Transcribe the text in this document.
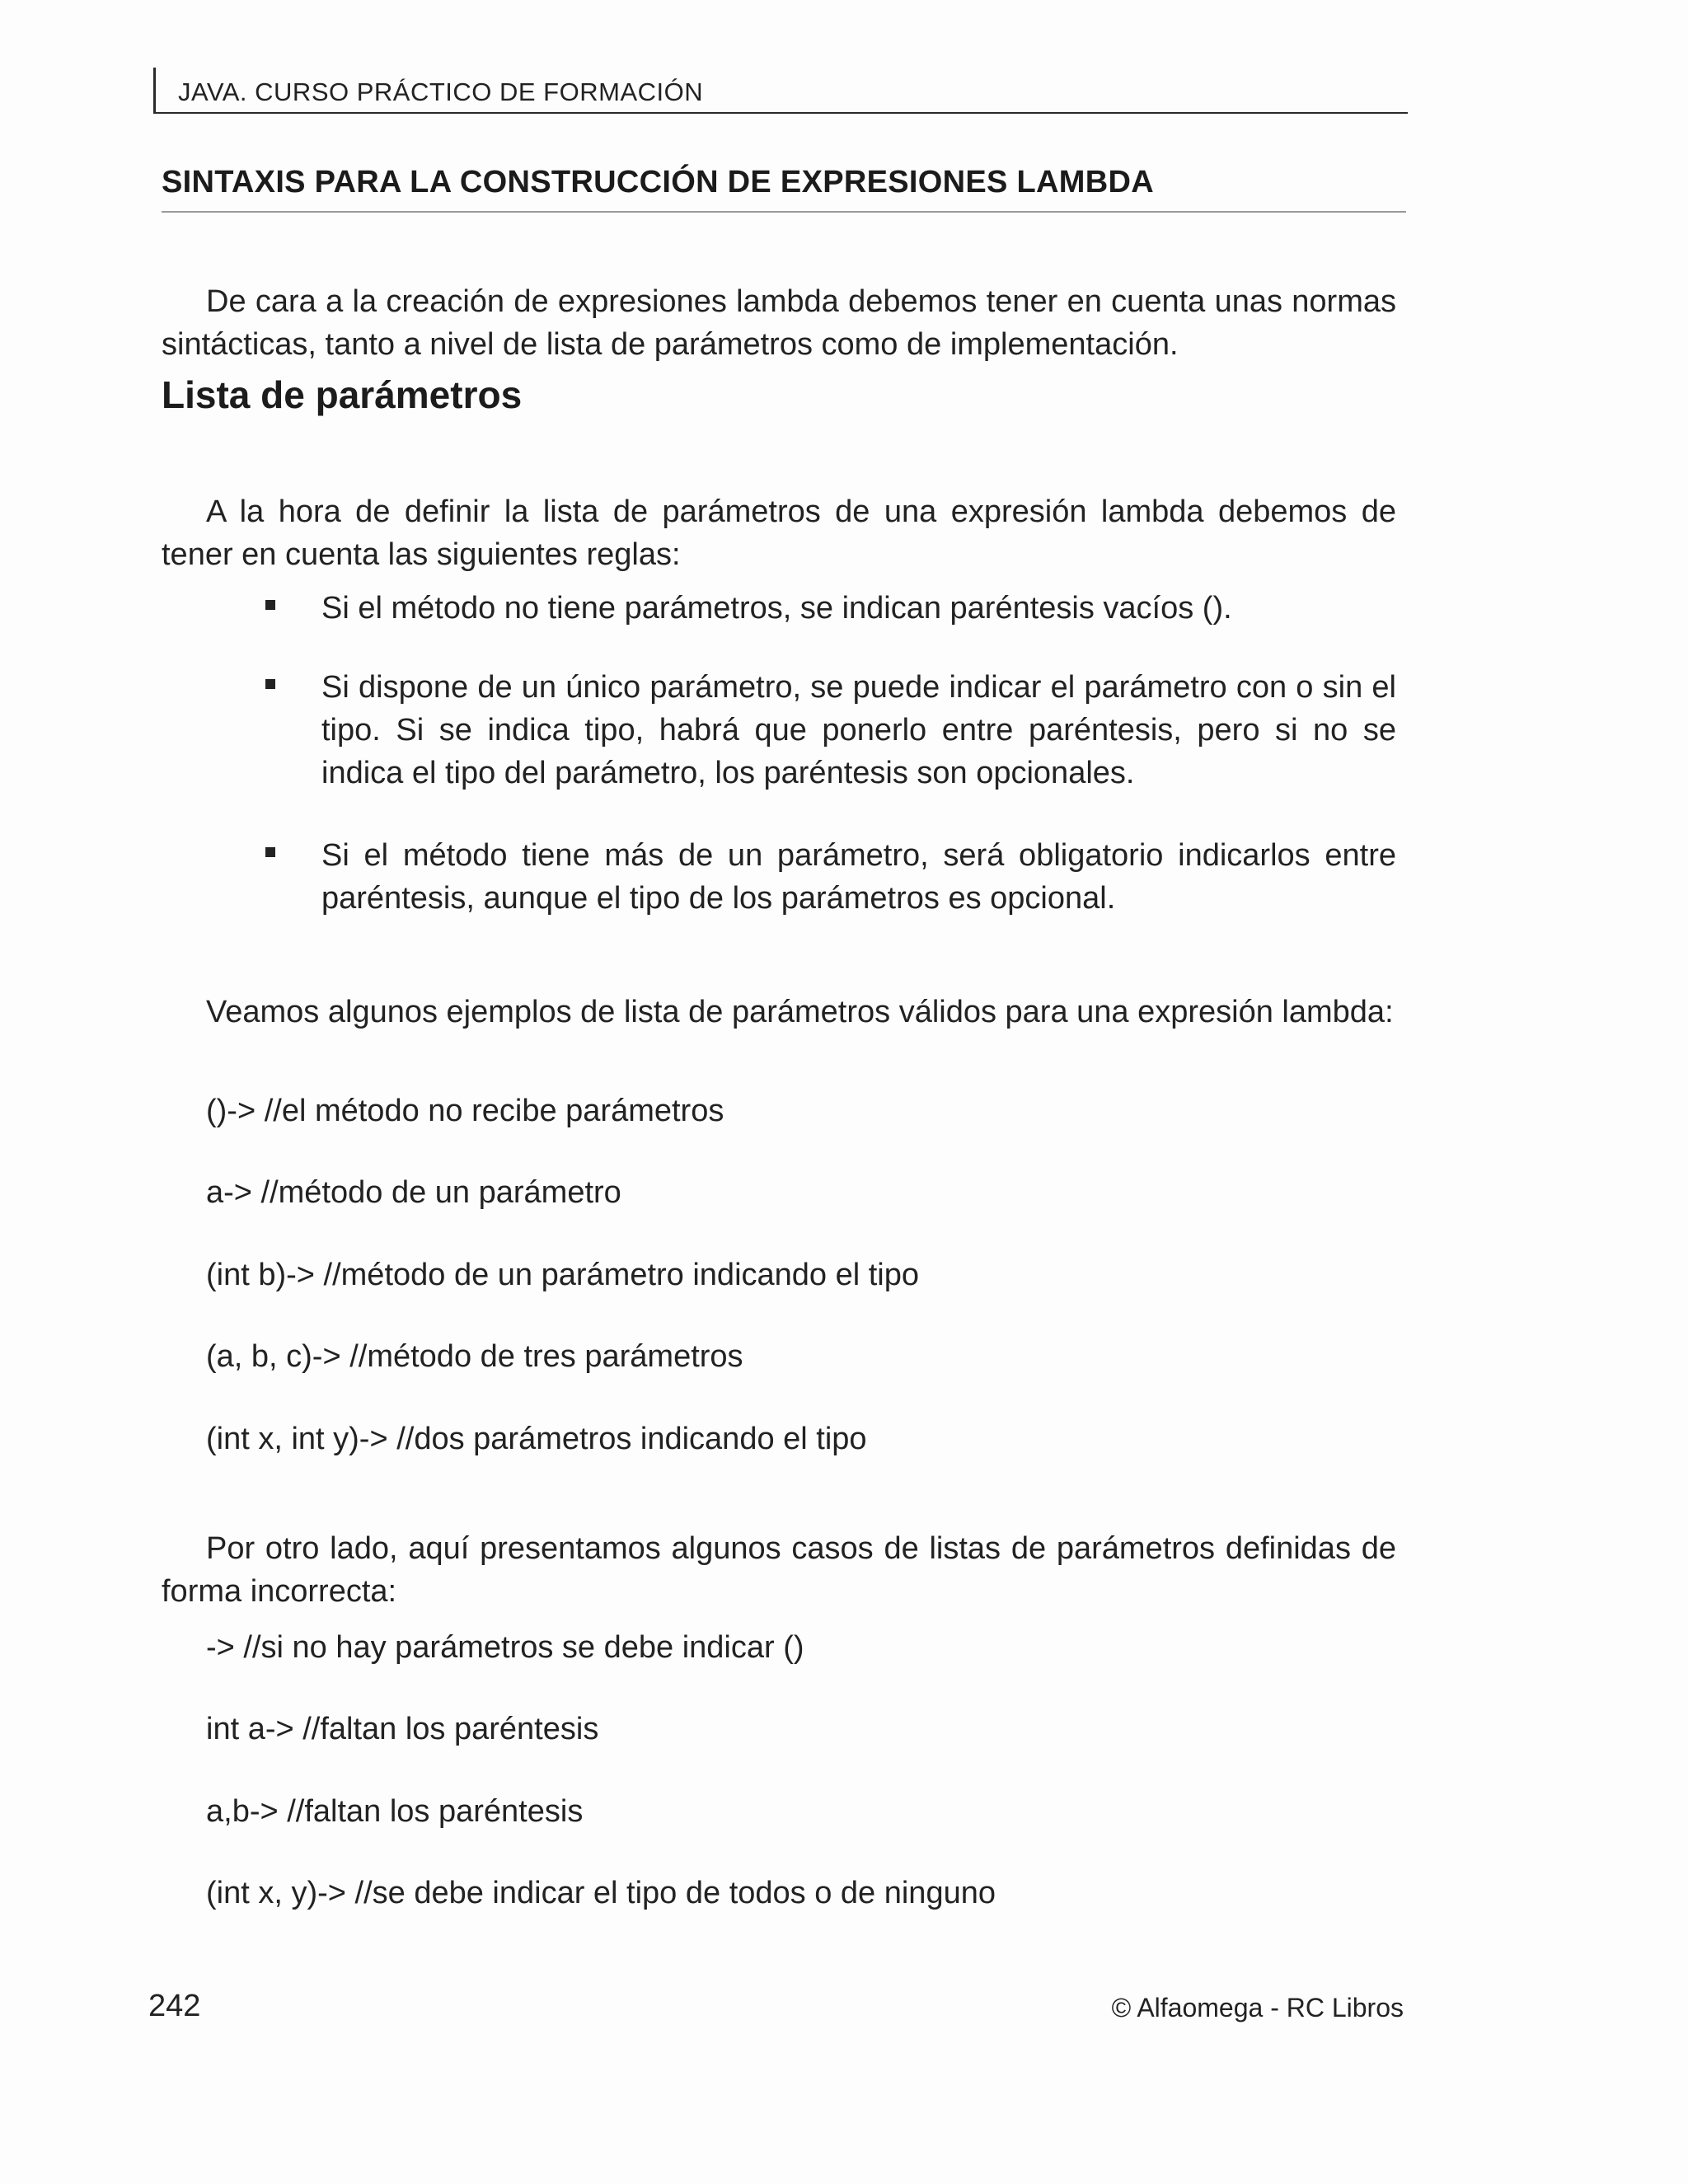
JAVA. CURSO PRÁCTICO DE FORMACIÓN
SINTAXIS PARA LA CONSTRUCCIÓN DE EXPRESIONES LAMBDA

De cara a la creación de expresiones lambda debemos tener en cuenta unas normas sintácticas, tanto a nivel de lista de parámetros como de implementación.

Lista de parámetros

A la hora de definir la lista de parámetros de una expresión lambda debemos de tener en cuenta las siguientes reglas:

Si el método no tiene parámetros, se indican paréntesis vacíos ().
Si dispone de un único parámetro, se puede indicar el parámetro con o sin el tipo. Si se indica tipo, habrá que ponerlo entre paréntesis, pero si no se indica el tipo del parámetro, los paréntesis son opcionales.
Si el método tiene más de un parámetro, será obligatorio indicarlos entre paréntesis, aunque el tipo de los parámetros es opcional.

Veamos algunos ejemplos de lista de parámetros válidos para una expresión lambda:

()-> //el método no recibe parámetros
a-> //método de un parámetro
(int b)-> //método de un parámetro indicando el tipo
(a, b, c)-> //método de tres parámetros
(int x, int y)-> //dos parámetros indicando el tipo

Por otro lado, aquí presentamos algunos casos de listas de parámetros definidas de forma incorrecta:

-> //si no hay parámetros se debe indicar ()
int a-> //faltan los paréntesis
a,b-> //faltan los paréntesis
(int x, y)-> //se debe indicar el tipo de todos o de ninguno
242	© Alfaomega - RC Libros
